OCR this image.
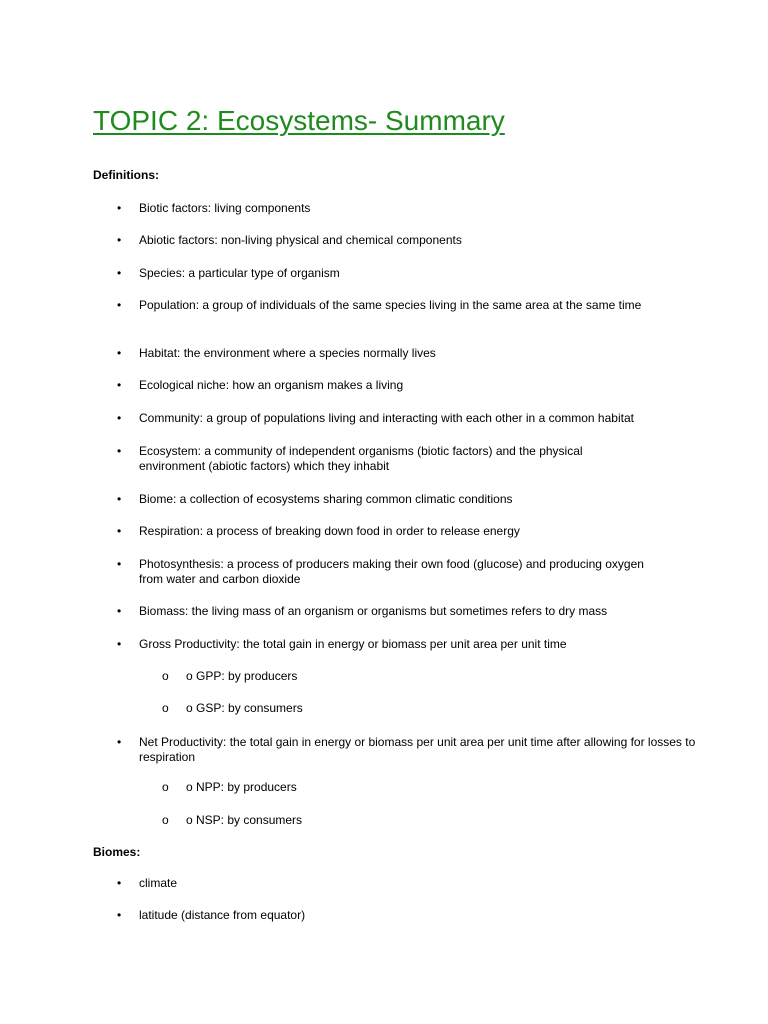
TOPIC 2: Ecosystems- Summary
Definitions:
• Biotic factors: living components
• Abiotic factors: non-living physical and chemical components
• Species: a particular type of organism
• Population: a group of individuals of the same species living in the same area at the same time
• Habitat: the environment where a species normally lives
• Ecological niche: how an organism makes a living
• Community: a group of populations living and interacting with each other in a common habitat
• Ecosystem: a community of independent organisms (biotic factors) and the physical environment (abiotic factors) which they inhabit
• Biome: a collection of ecosystems sharing common climatic conditions
• Respiration: a process of breaking down food in order to release energy
• Photosynthesis: a process of producers making their own food (glucose) and producing oxygen from water and carbon dioxide
• Biomass: the living mass of an organism or organisms but sometimes refers to dry mass
• Gross Productivity: the total gain in energy or biomass per unit area per unit time
o o GPP: by producers
o o GSP: by consumers
• Net Productivity: the total gain in energy or biomass per unit area per unit time after allowing for losses to respiration
o o NPP: by producers
o o NSP: by consumers
Biomes:
• climate
• latitude (distance from equator)
